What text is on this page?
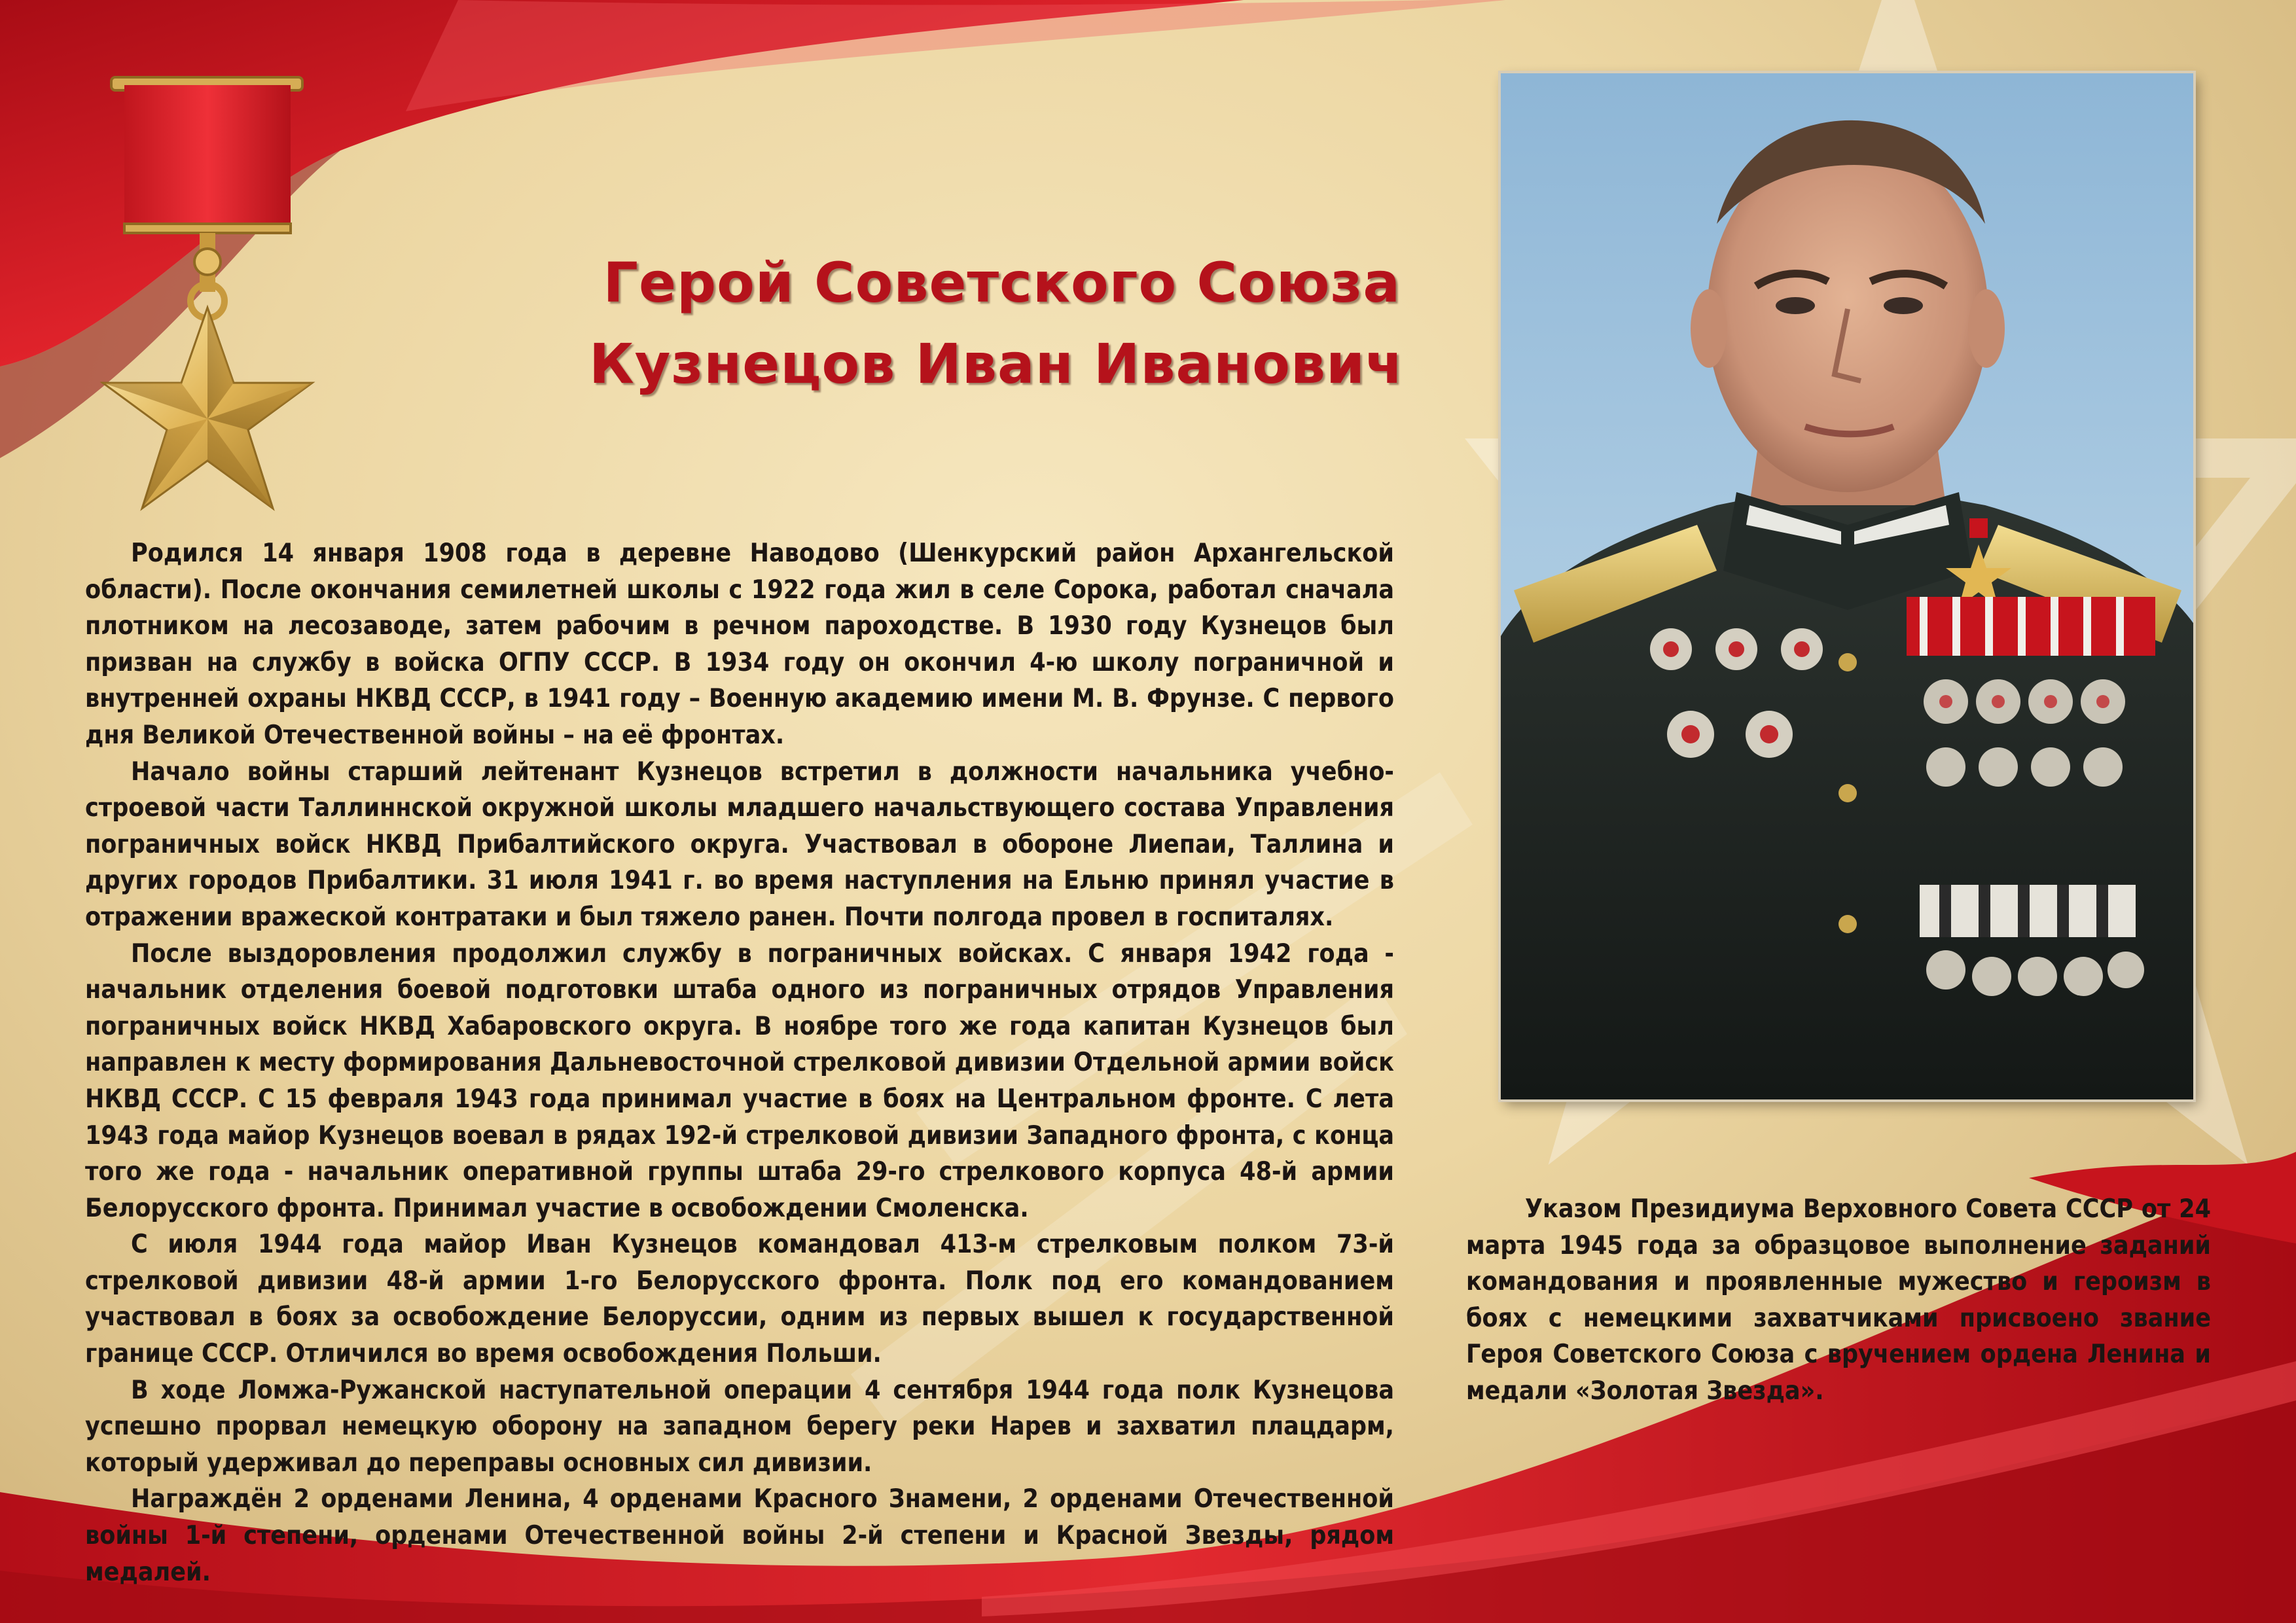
Герой Советского Союза
Кузнецов Иван Иванович

Родился 14 января 1908 года в деревне Наводово (Шенкурский район Архангельской области). После окончания семилетней школы с 1922 года жил в селе Сорока, работал сначала плотником на лесозаводе, затем рабочим в речном пароходстве. В 1930 году Кузнецов был призван на службу в войска ОГПУ СССР. В 1934 году он окончил 4-ю школу пограничной и внутренней охраны НКВД СССР, в 1941 году – Военную академию имени М. В. Фрунзе. С первого дня Великой Отечественной войны – на её фронтах.

Начало войны старший лейтенант Кузнецов встретил в должности начальника учебно-строевой части Таллиннской окружной школы младшего начальствующего состава Управления пограничных войск НКВД Прибалтийского округа. Участвовал в обороне Лиепаи, Таллина и других городов Прибалтики. 31 июля 1941 г. во время наступления на Ельню принял участие в отражении вражеской контратаки и был тяжело ранен. Почти полгода провел в госпиталях.

После выздоровления продолжил службу в пограничных войсках. С января 1942 года - начальник отделения боевой подготовки штаба одного из пограничных отрядов Управления пограничных войск НКВД Хабаровского округа. В ноябре того же года капитан Кузнецов был направлен к месту формирования Дальневосточной стрелковой дивизии Отдельной армии войск НКВД СССР. С 15 февраля 1943 года принимал участие в боях на Центральном фронте. С лета 1943 года майор Кузнецов воевал в рядах 192-й стрелковой дивизии Западного фронта, с конца того же года - начальник оперативной группы штаба 29-го стрелкового корпуса 48-й армии Белорусского фронта. Принимал участие в освобождении Смоленска.

С июля 1944 года майор Иван Кузнецов командовал 413-м стрелковым полком 73-й стрелковой дивизии 48-й армии 1-го Белорусского фронта. Полк под его командованием участвовал в боях за освобождение Белоруссии, одним из первых вышел к государственной границе СССР. Отличился во время освобождения Польши.

В ходе Ломжа-Ружанской наступательной операции 4 сентября 1944 года полк Кузнецова успешно прорвал немецкую оборону на западном берегу реки Нарев и захватил плацдарм, который удерживал до переправы основных сил дивизии.

Награждён 2 орденами Ленина, 4 орденами Красного Знамени, 2 орденами Отечественной войны 1-й степени, орденами Отечественной войны 2-й степени и Красной Звезды, рядом медалей.

Указом Президиума Верховного Совета СССР от 24 марта 1945 года за образцовое выполнение заданий командования и проявленные мужество и героизм в боях с немецкими захватчиками присвоено звание Героя Советского Союза с вручением ордена Ленина и медали «Золотая Звезда».
